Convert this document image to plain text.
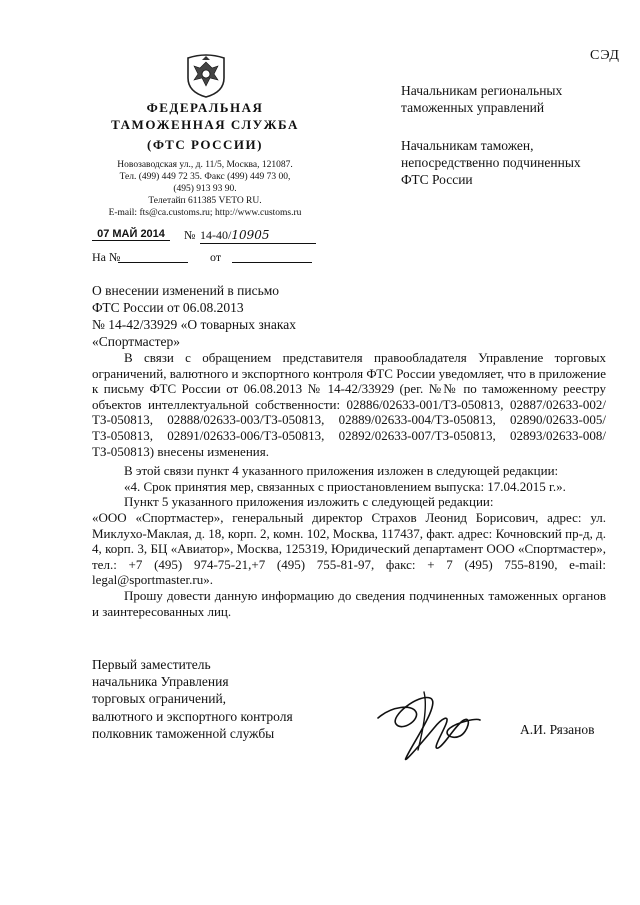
СЭД
ФЕДЕРАЛЬНАЯ
ТАМОЖЕННАЯ СЛУЖБА
(ФТС РОССИИ)
Новозаводская ул., д. 11/5, Москва, 121087.
Тел. (499) 449 72 35. Факс (499) 449 73 00,
(495) 913 93 90.
Телетайп 611385 VETO RU.
E-mail: fts@ca.customs.ru; http://www.customs.ru
07 МАЙ 2014	№ 14-40/10905
На №	от
Начальникам региональных
таможенных управлений
Начальникам таможен,
непосредственно подчиненных
ФТС России
О внесении изменений в письмо
ФТС России от 06.08.2013
№ 14-42/33929 «О товарных знаках
«Спортмастер»

В связи с обращением представителя правообладателя Управление торговых ограничений, валютного и экспортного контроля ФТС России уведомляет, что в приложение к письму ФТС России от 06.08.2013 № 14-42/33929 (рег. №№ по таможенному реестру объектов интеллектуальной собственности: 02886/02633-001/ТЗ-050813, 02887/02633-002/ТЗ-050813, 02888/02633-003/ТЗ-050813, 02889/02633-004/ТЗ-050813, 02890/02633-005/ТЗ-050813, 02891/02633-006/ТЗ-050813, 02892/02633-007/ТЗ-050813, 02893/02633-008/ТЗ-050813) внесены изменения.

В этой связи пункт 4 указанного приложения изложен в следующей редакции:

«4. Срок принятия мер, связанных с приостановлением выпуска: 17.04.2015 г.».

Пункт 5 указанного приложения изложить с следующей редакции:

«ООО «Спортмастер», генеральный директор Страхов Леонид Борисович, адрес: ул. Миклухо-Маклая, д. 18, корп. 2, комн. 102, Москва, 117437, факт. адрес: Кочновский пр-д, д. 4, корп. 3, БЦ «Авиатор», Москва, 125319, Юридический департамент ООО «Спортмастер», тел.: +7 (495) 974-75-21,+7 (495) 755-81-97, факс: + 7 (495) 755-8190, e-mail: legal@sportmaster.ru».

Прошу довести данную информацию до сведения подчиненных таможенных органов и заинтересованных лиц.

Первый заместитель
начальника Управления
торговых ограничений,
валютного и экспортного контроля
полковник таможенной службы	А.И. Рязанов
